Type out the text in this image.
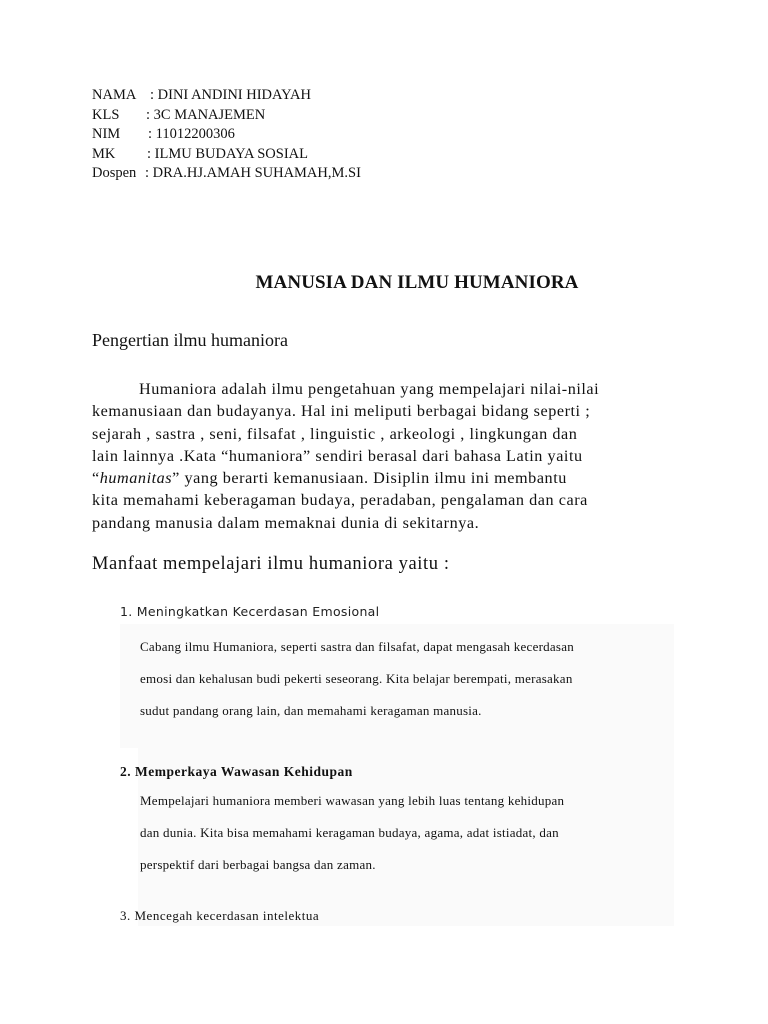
NAMA : DINI ANDINI HIDAYAH
KLS	: 3C MANAJEMEN
NIM	: 11012200306
MK	: ILMU BUDAYA SOSIAL
Dospen : DRA.HJ.AMAH SUHAMAH,M.SI
MANUSIA DAN ILMU HUMANIORA
Pengertian ilmu humaniora
Humaniora adalah ilmu pengetahuan yang mempelajari nilai-nilai
kemanusiaan dan budayanya. Hal ini meliputi berbagai bidang seperti ;
sejarah , sastra , seni, filsafat , linguistic , arkeologi , lingkungan dan
lain lainnya .Kata “humaniora” sendiri berasal dari bahasa Latin yaitu
“humanitas” yang berarti kemanusiaan. Disiplin ilmu ini membantu
kita memahami keberagaman budaya, peradaban, pengalaman dan cara
pandang manusia dalam memaknai dunia di sekitarnya.
Manfaat mempelajari ilmu humaniora yaitu :
1. Meningkatkan Kecerdasan Emosional
Cabang ilmu Humaniora, seperti sastra dan filsafat, dapat mengasah kecerdasan
emosi dan kehalusan budi pekerti seseorang. Kita belajar berempati, merasakan
sudut pandang orang lain, dan memahami keragaman manusia.
2. Memperkaya Wawasan Kehidupan
Mempelajari humaniora memberi wawasan yang lebih luas tentang kehidupan
dan dunia. Kita bisa memahami keragaman budaya, agama, adat istiadat, dan
perspektif dari berbagai bangsa dan zaman.
3. Mencegah kecerdasan intelektua
